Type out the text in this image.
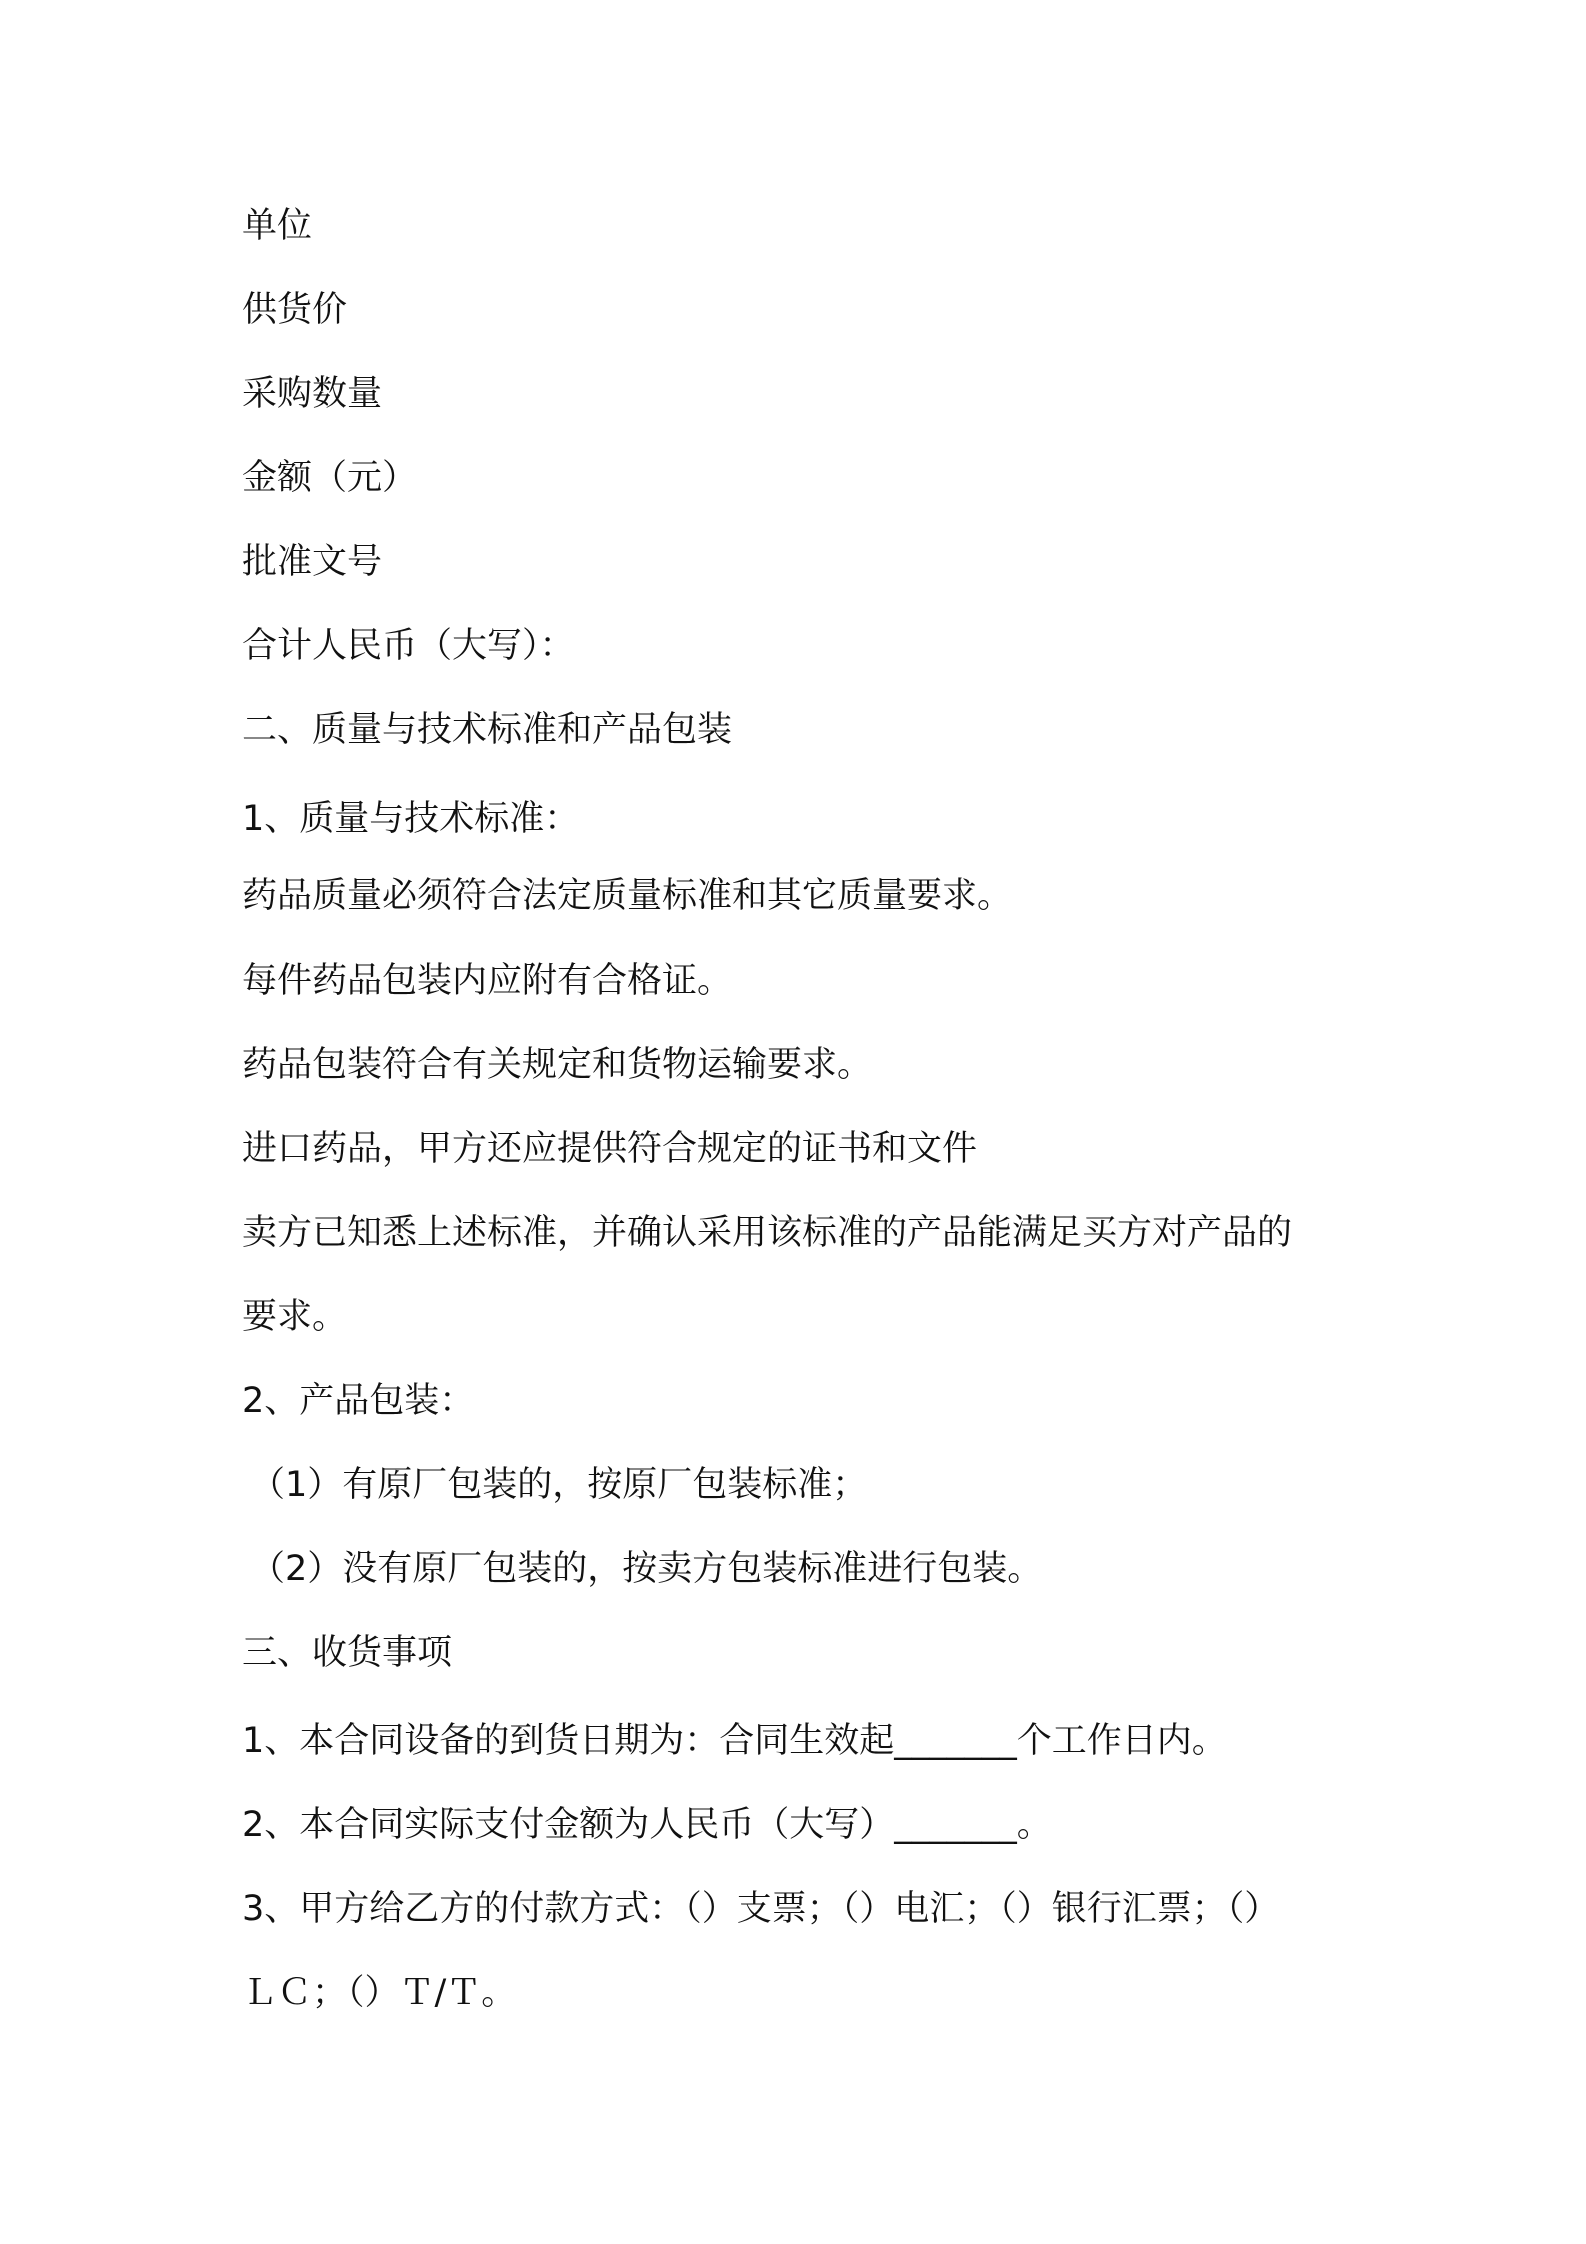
单位
供货价
采购数量
金额（元）
批准文号
合计人民币（大写）：
二、质量与技术标准和产品包装
1、质量与技术标准：
药品质量必须符合法定质量标准和其它质量要求。
每件药品包装内应附有合格证。
药品包装符合有关规定和货物运输要求。
进口药品，甲方还应提供符合规定的证书和文件
卖方已知悉上述标准，并确认采用该标准的产品能满足买方对产品的
要求。
2、产品包装：
（1）有原厂包装的，按原厂包装标准；
（2）没有原厂包装的，按卖方包装标准进行包装。
三、收货事项
1、本合同设备的到货日期为：合同生效起_______个工作日内。
2、本合同实际支付金额为人民币（大写）_______。
3、甲方给乙方的付款方式：（）支票；（）电汇；（）银行汇票；（）
ＬＣ；（）Ｔ/Ｔ。
